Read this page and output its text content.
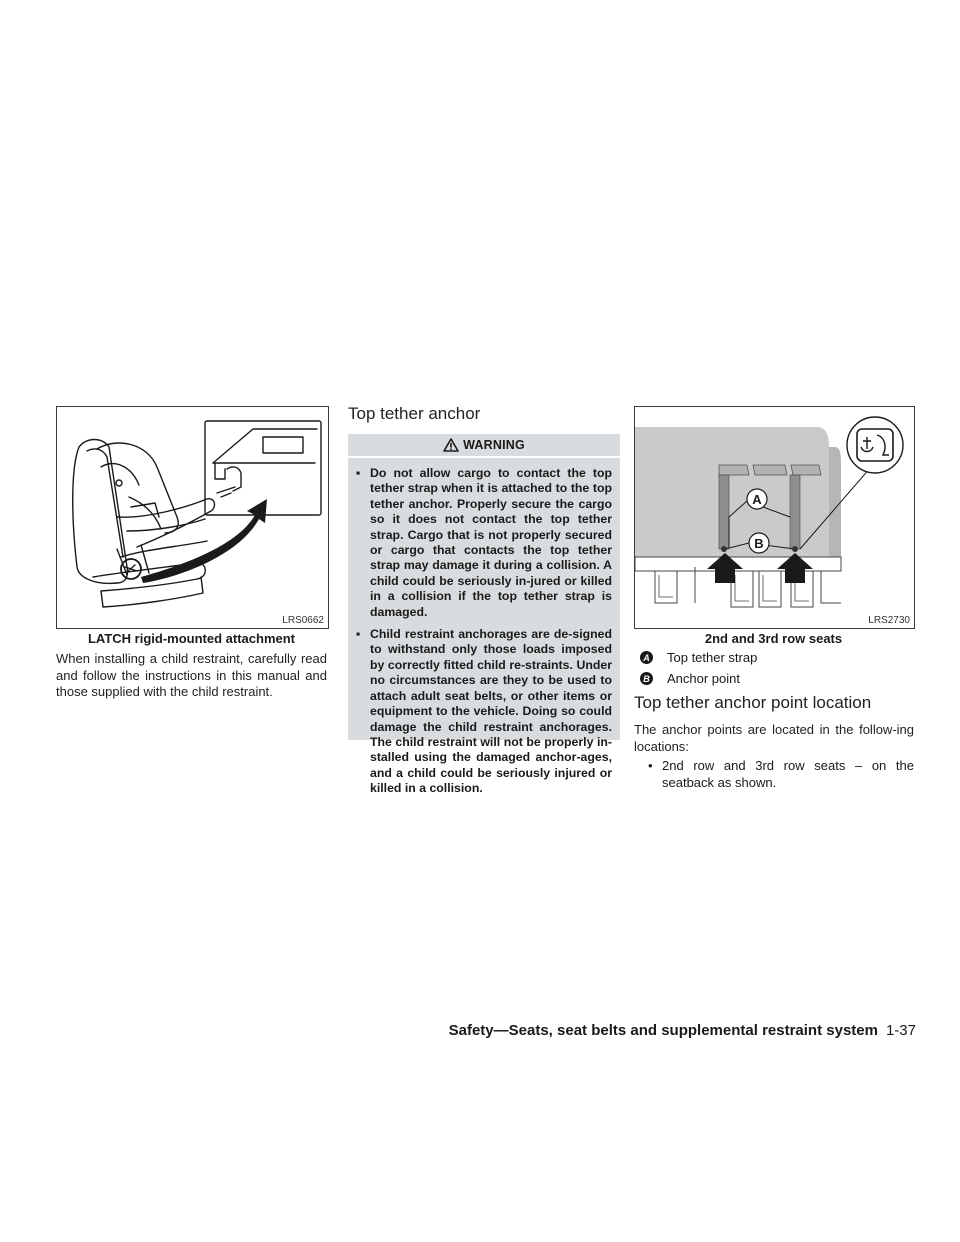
LRS0662
LATCH rigid-mounted attachment
When installing a child restraint, carefully read and follow the instructions in this manual and those supplied with the child restraint.
Top tether anchor
WARNING
▪ Do not allow cargo to contact the top tether strap when it is attached to the top tether anchor. Properly secure the cargo so it does not contact the top tether strap. Cargo that is not properly secured or cargo that contacts the top tether strap may damage it during a collision. A child could be seriously in-jured or killed in a collision if the top tether strap is damaged.
▪ Child restraint anchorages are de-signed to withstand only those loads imposed by correctly fitted child re-straints. Under no circumstances are they to be used to attach adult seat belts, or other items or equipment to the vehicle. Doing so could damage the child restraint anchorages. The child restraint will not be properly in-stalled using the damaged anchor-ages, and a child could be seriously injured or killed in a collision.
A
B
LRS2730
2nd and 3rd row seats
A Top tether strap
B Anchor point
Top tether anchor point location
The anchor points are located in the follow-ing locations:
• 2nd row and 3rd row seats – on the seatback as shown.
Safety—Seats, seat belts and supplemental restraint system 1-37
